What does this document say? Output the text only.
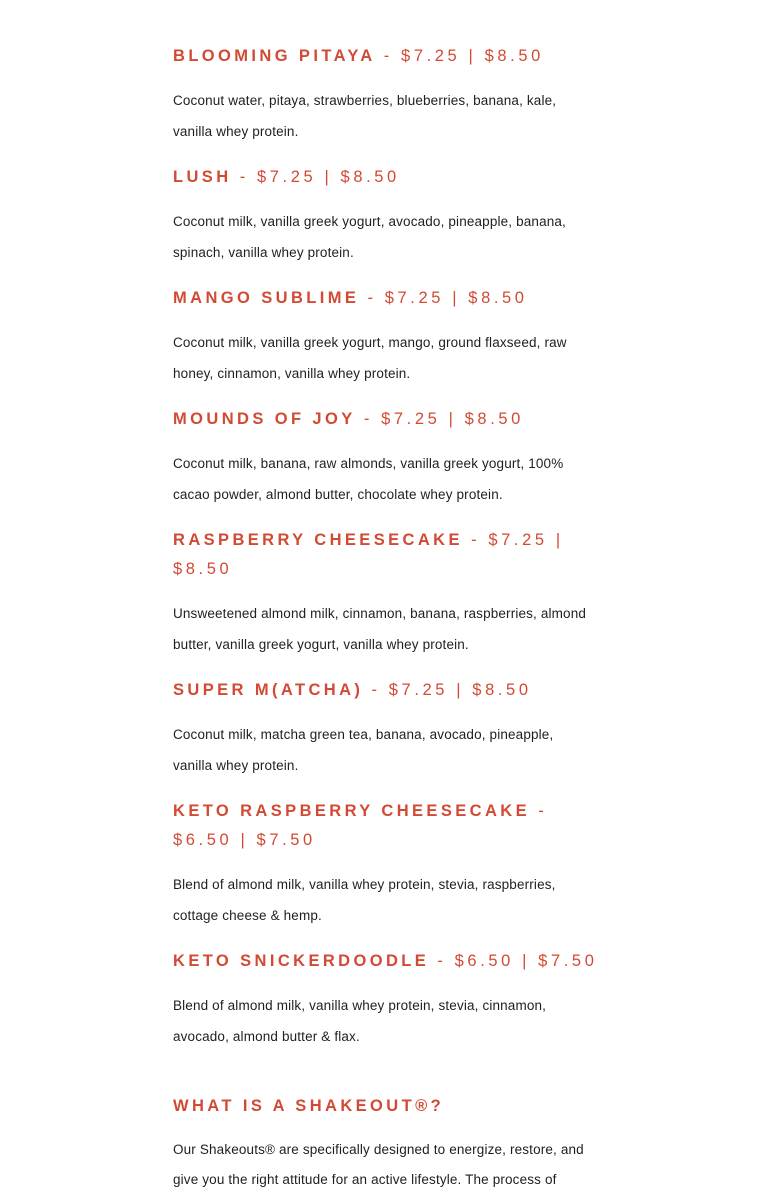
BLOOMING PITAYA - $7.25 | $8.50

Coconut water, pitaya, strawberries, blueberries, banana, kale, vanilla whey protein.

LUSH - $7.25 | $8.50

Coconut milk, vanilla greek yogurt, avocado, pineapple, banana, spinach, vanilla whey protein.

MANGO SUBLIME - $7.25 | $8.50

Coconut milk, vanilla greek yogurt, mango, ground flaxseed, raw honey, cinnamon, vanilla whey protein.

MOUNDS OF JOY - $7.25 | $8.50

Coconut milk, banana, raw almonds, vanilla greek yogurt, 100% cacao powder, almond butter, chocolate whey protein.

RASPBERRY CHEESECAKE - $7.25 | $8.50

Unsweetened almond milk, cinnamon, banana, raspberries, almond butter, vanilla greek yogurt, vanilla whey protein.

SUPER M(ATCHA) - $7.25 | $8.50

Coconut milk, matcha green tea, banana, avocado, pineapple, vanilla whey protein.

KETO RASPBERRY CHEESECAKE - $6.50 | $7.50

Blend of almond milk, vanilla whey protein, stevia, raspberries, cottage cheese & hemp.

KETO SNICKERDOODLE - $6.50 | $7.50

Blend of almond milk, vanilla whey protein, stevia, cinnamon, avocado, almond butter & flax.

WHAT IS A SHAKEOUT®?

Our Shakeouts® are specifically designed to energize, restore, and give you the right attitude for an active lifestyle. The process of
